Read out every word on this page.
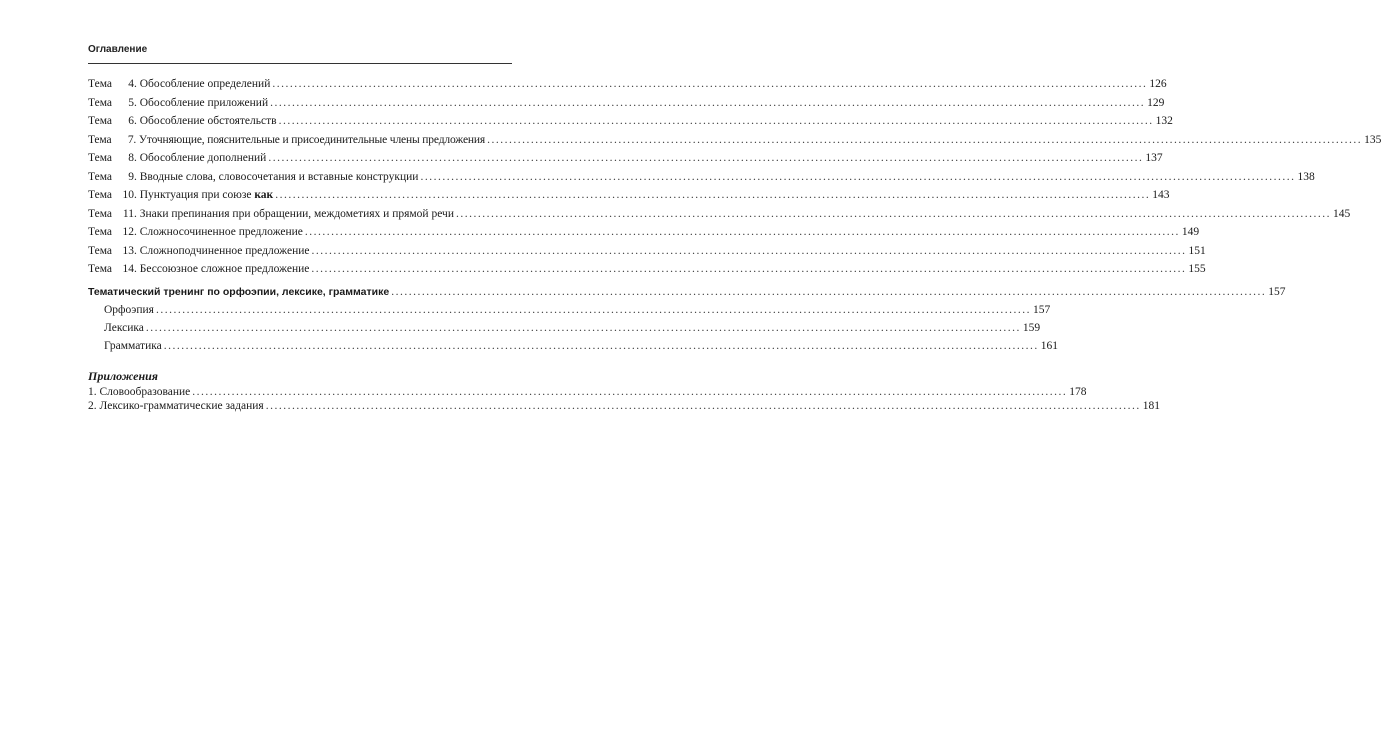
Оглавление
Тема 4. Обособление определений ........................................................................................................................................................................................................ 126
Тема 5. Обособление приложений ........................................................................................................................................................................................................ 129
Тема 6. Обособление обстоятельств ........................................................................................................................................................................................................ 132
Тема 7. Уточняющие, пояснительные и присоединительные члены предложения ........................................................................................................................................................................................................ 135
Тема 8. Обособление дополнений ........................................................................................................................................................................................................ 137
Тема 9. Вводные слова, словосочетания и вставные конструкции ........................................................................................................................................................................................................ 138
Тема 10. Пунктуация при союзе как ........................................................................................................................................................................................................ 143
Тема 11. Знаки препинания при обращении, междометиях и прямой речи ........................................................................................................................................................................................................ 145
Тема 12. Сложносочиненное предложение ........................................................................................................................................................................................................ 149
Тема 13. Сложноподчиненное предложение ........................................................................................................................................................................................................ 151
Тема 14. Бессоюзное сложное предложение ........................................................................................................................................................................................................ 155
Тематический тренинг по орфоэпии, лексике, грамматике ........................................................................................................................................................................................................ 157
Орфоэпия ........................................................................................................................................................................................................ 157
Лексика ........................................................................................................................................................................................................ 159
Грамматика ........................................................................................................................................................................................................ 161
Приложения
1. Словообразование ........................................................................................................................................................................................................ 178
2. Лексико-грамматические задания ........................................................................................................................................................................................................ 181
